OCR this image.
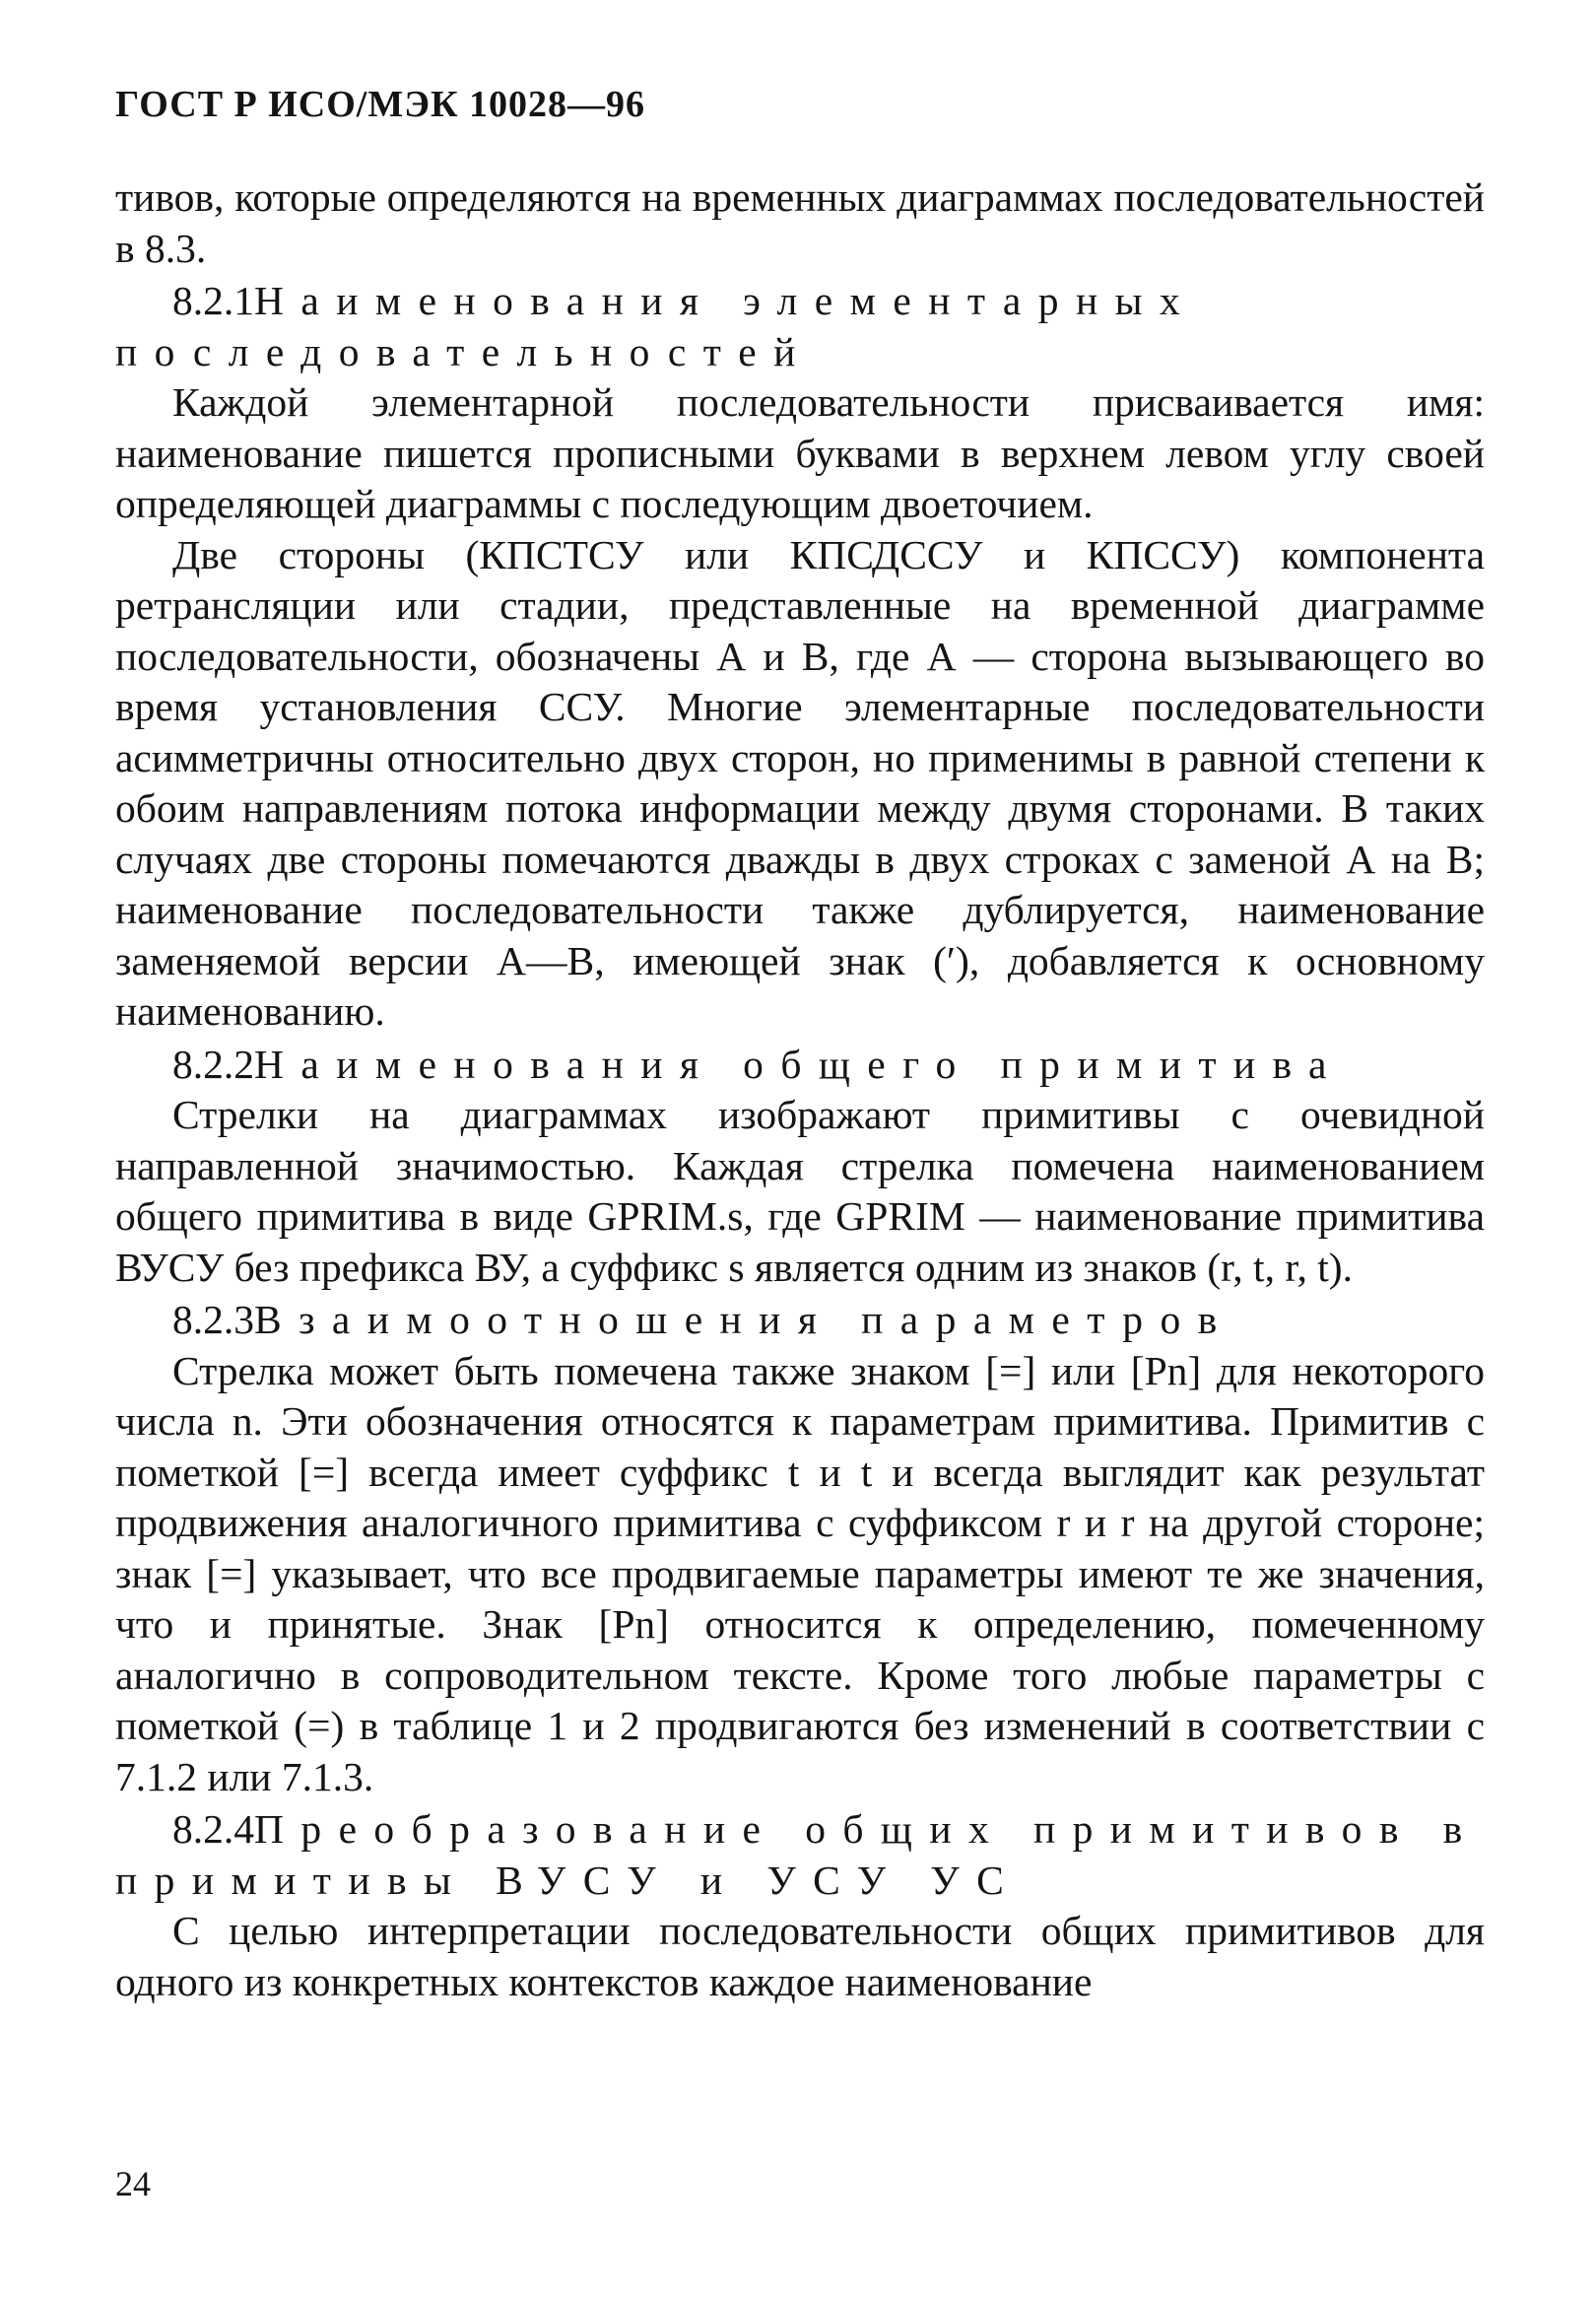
ГОСТ Р ИСО/МЭК 10028—96

тивов, которые определяются на временных диаграммах последовательностей в 8.3.

8.2.1Наименования элементарных последовательностей

Каждой элементарной последовательности присваивается имя: наименование пишется прописными буквами в верхнем левом углу своей определяющей диаграммы с последующим двоеточием.

Две стороны (КПСТСУ или КПСДССУ и КПССУ) компонента ретрансляции или стадии, представленные на временной диаграмме последовательности, обозначены А и В, где А — сторона вызывающего во время установления ССУ. Многие элементарные последовательности асимметричны относительно двух сторон, но применимы в равной степени к обоим направлениям потока информации между двумя сторонами. В таких случаях две стороны помечаются дважды в двух строках с заменой А на В; наименование последовательности также дублируется, наименование заменяемой версии А—В, имеющей знак (′), добавляется к основному наименованию.

8.2.2Наименования общего примитива

Стрелки на диаграммах изображают примитивы с очевидной направленной значимостью. Каждая стрелка помечена наименованием общего примитива в виде GPRIM.s, где GPRIM — наименование примитива ВУСУ без префикса ВУ, а суффикс s является одним из знаков (r, t, r, t).

8.2.3Взаимоотношения параметров

Стрелка может быть помечена также знаком [=] или [Pn] для некоторого числа n. Эти обозначения относятся к параметрам примитива. Примитив с пометкой [=] всегда имеет суффикс t и t и всегда выглядит как результат продвижения аналогичного примитива с суффиксом r и r на другой стороне; знак [=] указывает, что все продвигаемые параметры имеют те же значения, что и принятые. Знак [Pn] относится к определению, помеченному аналогично в сопроводительном тексте. Кроме того любые параметры с пометкой (=) в таблице 1 и 2 продвигаются без изменений в соответствии с 7.1.2 или 7.1.3.

8.2.4Преобразование общих примитивов в примитивы ВУСУ и УСУ УС

С целью интерпретации последовательности общих примитивов для одного из конкретных контекстов каждое наименование

24
